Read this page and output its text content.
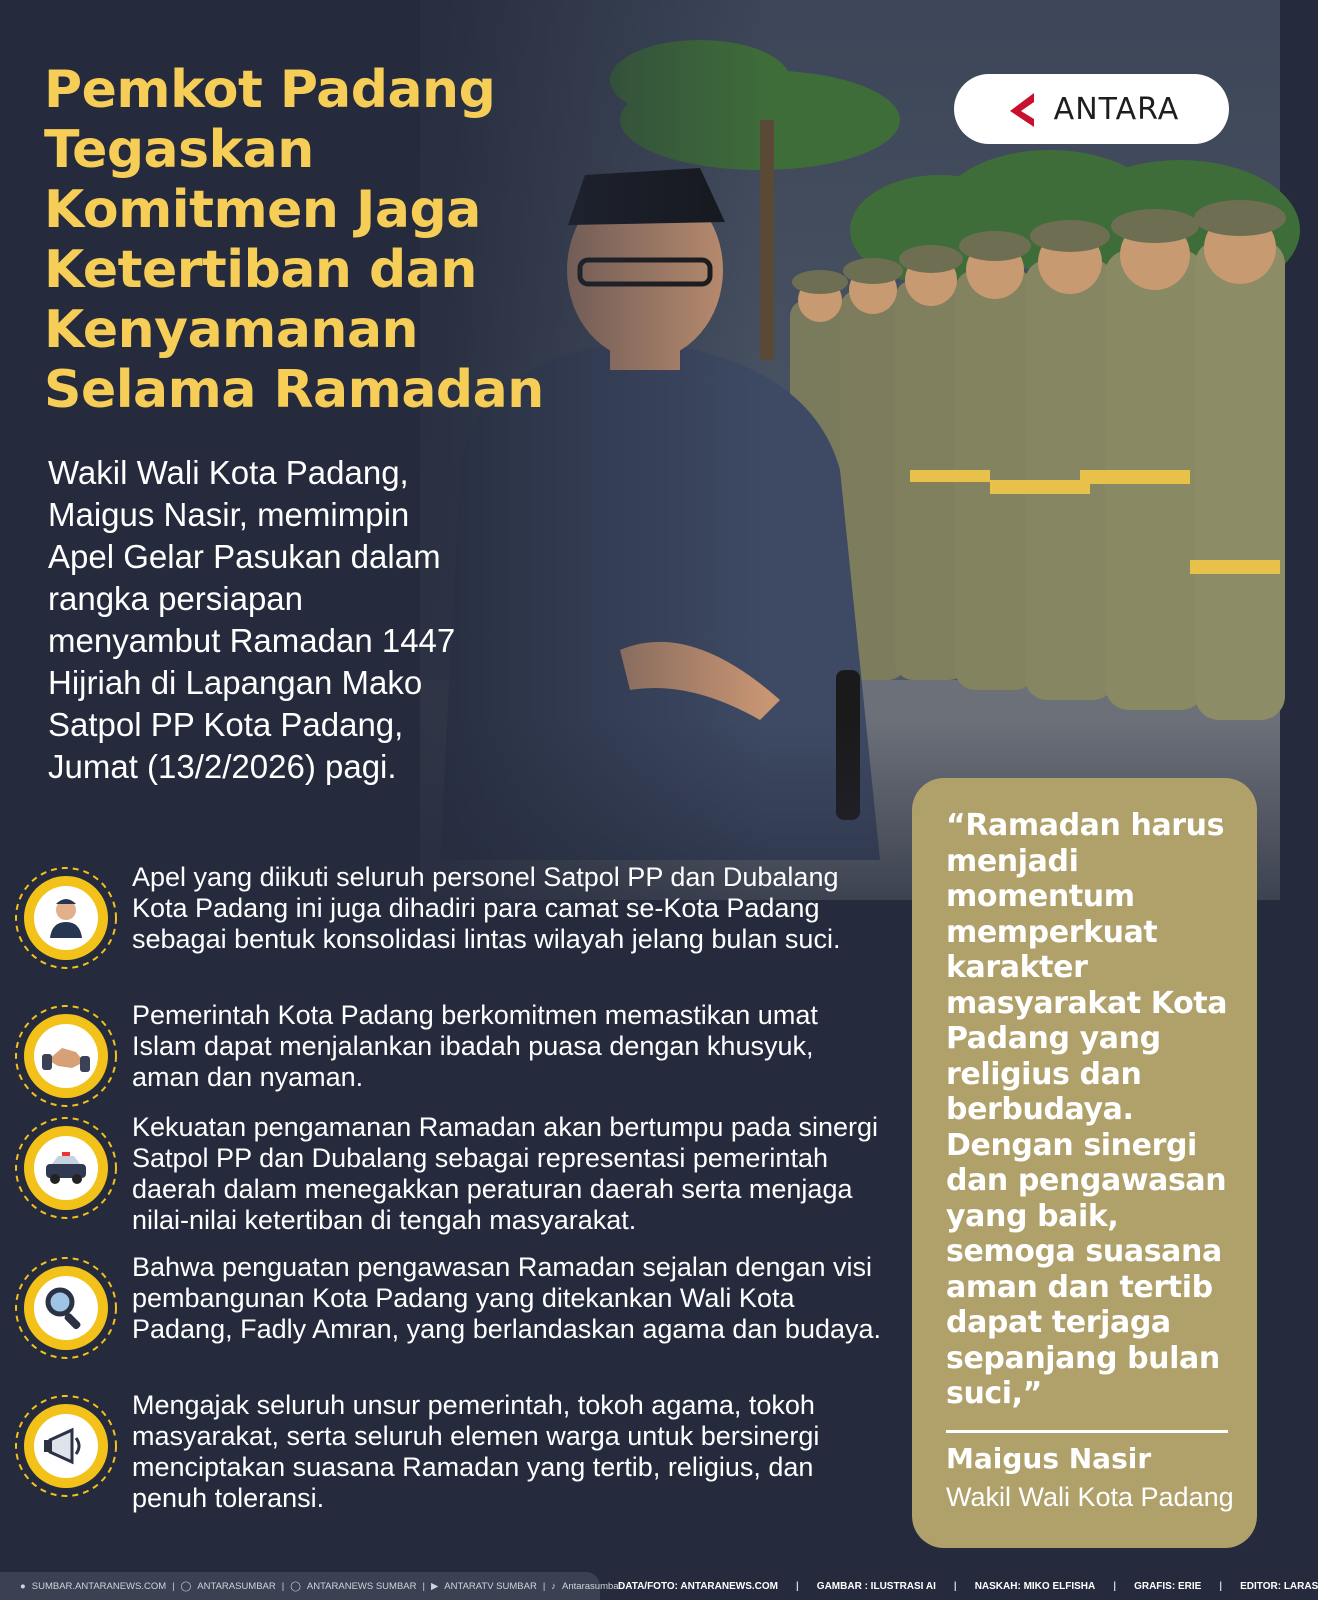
Pemkot Padang
Tegaskan
Komitmen Jaga
Ketertiban dan
Kenyamanan
Selama Ramadan
ANTARA

Wakil Wali Kota Padang, Maigus Nasir, memimpin Apel Gelar Pasukan dalam rangka persiapan menyambut Ramadan 1447 Hijriah di Lapangan Mako Satpol PP Kota Padang, Jumat (13/2/2026) pagi.

Apel yang diikuti seluruh personel Satpol PP dan Dubalang Kota Padang ini juga dihadiri para camat se-Kota Padang sebagai bentuk konsolidasi lintas wilayah jelang bulan suci.
Pemerintah Kota Padang berkomitmen memastikan umat Islam dapat menjalankan ibadah puasa dengan khusyuk, aman dan nyaman.
Kekuatan pengamanan Ramadan akan bertumpu pada sinergi Satpol PP dan Dubalang sebagai representasi pemerintah daerah dalam menegakkan peraturan daerah serta menjaga nilai-nilai ketertiban di tengah masyarakat.
Bahwa penguatan pengawasan Ramadan sejalan dengan visi pembangunan Kota Padang yang ditekankan Wali Kota Padang, Fadly Amran, yang berlandaskan agama dan budaya.
Mengajak seluruh unsur pemerintah, tokoh agama, tokoh masyarakat, serta seluruh elemen warga untuk bersinergi menciptakan suasana Ramadan yang tertib, religius, dan penuh toleransi.

“Ramadan harus menjadi momentum memperkuat karakter masyarakat Kota Padang yang religius dan berbudaya. Dengan sinergi dan pengawasan yang baik, semoga suasana aman dan tertib dapat terjaga sepanjang bulan suci,”

Maigus Nasir
Wakil Wali Kota Padang
● SUMBAR.ANTARANEWS.COM | ◯ ANTARASUMBAR | ◯ ANTARANEWS SUMBAR | ▶ ANTARATV SUMBAR | ♪ Antarasumbar
DATA/FOTO: ANTARANEWS.COM | GAMBAR : ILUSTRASI AI | NASKAH: MIKO ELFISHA | GRAFIS: ERIE | EDITOR: LARAS
